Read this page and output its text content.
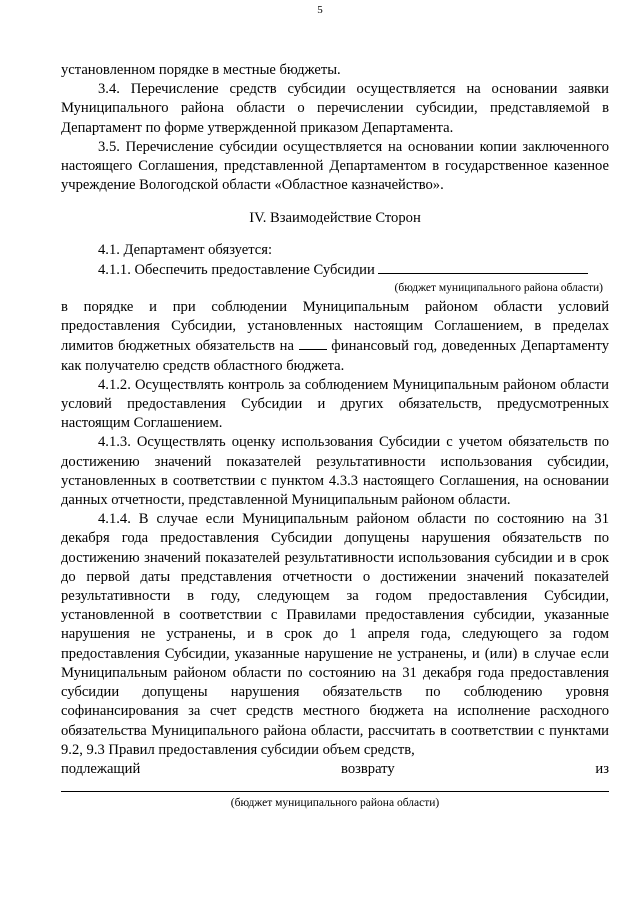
5

установленном порядке в местные бюджеты.

3.4. Перечисление средств субсидии осуществляется на основании заявки Муниципального района области о перечислении субсидии, представляемой в Департамент по форме утвержденной приказом Департамента.

3.5. Перечисление субсидии осуществляется на основании копии заключенного настоящего Соглашения, представленной Департаментом в государственное казенное учреждение Вологодской области «Областное казначейство».

IV. Взаимодействие Сторон

4.1. Департамент обязуется:

4.1.1. Обеспечить предоставление Субсидии

(бюджет муниципального района области)

в порядке и при соблюдении Муниципальным районом области условий предоставления Субсидии, установленных настоящим Соглашением, в пределах лимитов бюджетных обязательств на	финансовый год, доведенных Департаменту как получателю средств областного бюджета.

4.1.2. Осуществлять контроль за соблюдением Муниципальным районом области условий предоставления Субсидии и других обязательств, предусмотренных настоящим Соглашением.

4.1.3. Осуществлять оценку использования Субсидии с учетом обязательств по достижению значений показателей результативности использования субсидии, установленных в соответствии с пунктом 4.3.3 настоящего Соглашения, на основании данных отчетности, представленной Муниципальным районом области.

4.1.4. В случае если Муниципальным районом области по состоянию на 31 декабря года предоставления Субсидии допущены нарушения обязательств по достижению значений показателей результативности использования субсидии и в срок до первой даты представления отчетности о достижении значений показателей результативности в году, следующем за годом предоставления Субсидии, установленной в соответствии с Правилами предоставления субсидии, указанные нарушения не устранены, и в срок до 1 апреля года, следующего за годом предоставления Субсидии, указанные нарушение не устранены, и (или) в случае если Муниципальным районом области по состоянию на 31 декабря года предоставления субсидии допущены нарушения обязательств по соблюдению уровня софинансирования за счет средств местного бюджета на исполнение расходного обязательства Муниципального района области, рассчитать в соответствии с пунктами 9.2, 9.3 Правил предоставления субсидии объем средств,

подлежащий	возврату	из

(бюджет муниципального района области)
